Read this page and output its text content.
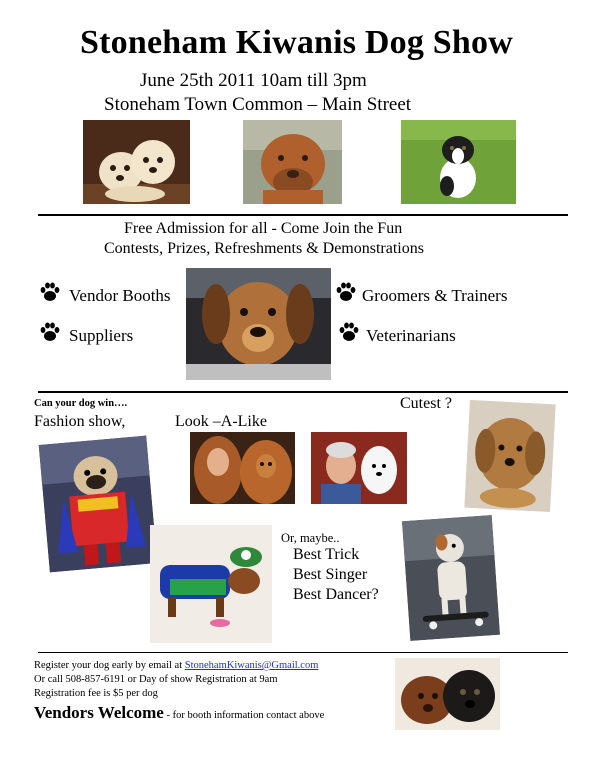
Stoneham Kiwanis Dog Show
June 25th 2011 10am till 3pm
Stoneham Town Common – Main Street
Free Admission for all - Come Join the Fun
Contests, Prizes, Refreshments & Demonstrations
Vendor Booths
Suppliers
Groomers & Trainers
Veterinarians
Can your dog win….
Fashion show,	Look –A-Like
Cutest ?
Or, maybe..
Best Trick
Best Singer
Best Dancer?
Register your dog early by email at StonehamKiwanis@Gmail.com
Or call 508-857-6191 or Day of show Registration at 9am
Registration fee is $5 per dog
Vendors Welcome - for booth information contact above
